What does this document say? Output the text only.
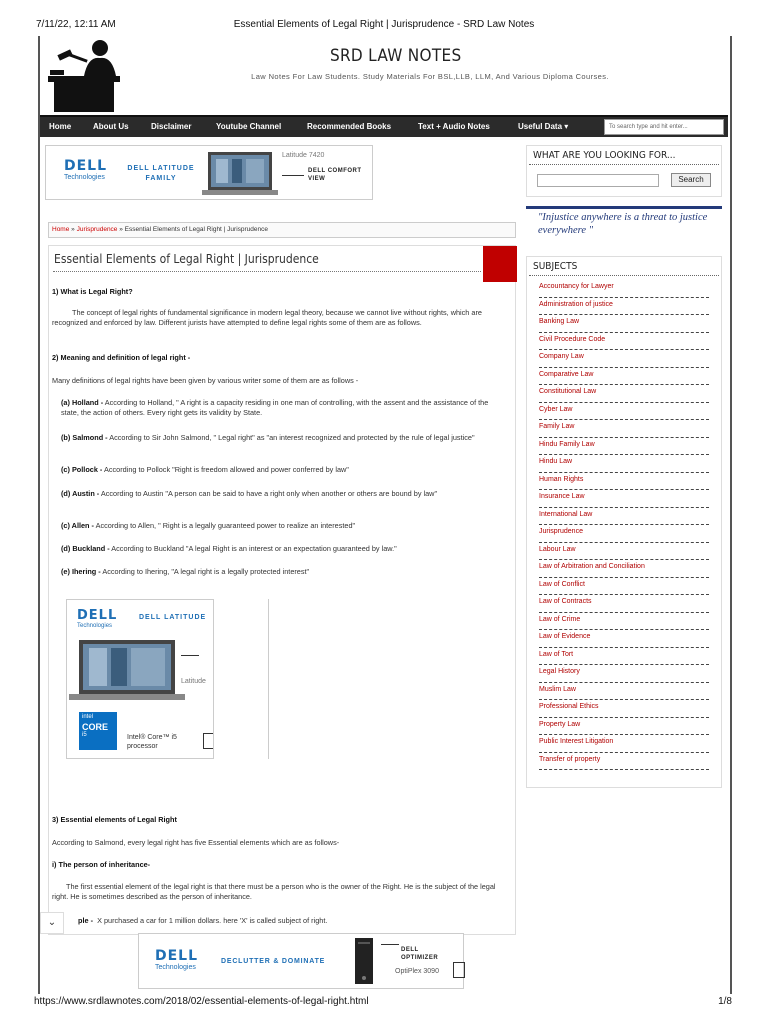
7/11/22, 12:11 AM	Essential Elements of Legal Right | Jurisprudence - SRD Law Notes
SRD LAW NOTES
Law Notes For Law Students. Study Materials For BSL,LLB, LLM, And Various Diploma Courses.
Home	About Us	Disclaimer	Youtube Channel	Recommended Books	Text + Audio Notes	Useful Data ▾	To search type and hit enter...
DELL
Technologies
DELL LATITUDE FAMILY
Latitude 7420
DELL COMFORT VIEW
WHAT ARE YOU LOOKING FOR...
Search
"Injustice anywhere is a threat to justice everywhere "
SUBJECTS
Accountancy for Lawyer
Administration of justice
Banking Law
Civil Procedure Code
Company Law
Comparative Law
Constitutional Law
Cyber Law
Family Law
Hindu Family Law
Hindu Law
Human Rights
Insurance Law
International Law
Jurisprudence
Labour Law
Law of Arbitration and Conciliation
Law of Conflict
Law of Contracts
Law of Crime
Law of Evidence
Law of Tort
Legal History
Muslim Law
Professional Ethics
Property Law
Public Interest Litigation
Transfer of property
Home » Jurisprudence » Essential Elements of Legal Right | Jurisprudence
Essential Elements of Legal Right | Jurisprudence
1) What is Legal Right?
The concept of legal rights of fundamental significance in modern legal theory, because we cannot live without rights, which are recognized and enforced by law. Different jurists have attempted to define legal rights some of them are as follows.
2) Meaning and definition of legal right -
Many definitions of legal rights have been given by various writer some of them are as follows -
(a) Holland - According to Holland, " A right is a capacity residing in one man of controlling, with the assent and the assistance of the state, the action of others. Every right gets its validity by State.
(b) Salmond - According to Sir John Salmond, " Legal right" as "an interest recognized and protected by the rule of legal justice"
(c) Pollock - According to Pollock "Right is freedom allowed and power conferred by law"
(d) Austin - According to Austin "A person can be said to have a right only when another or others are bound by law"
(c) Allen - According to Allen, " Right is a legally guaranteed power to realize an interested"
(d) Buckland - According to Buckland "A legal Right is an interest or an expectation guaranteed by law."
(e) Ihering - According to Ihering, "A legal right is a legally protected interest"
DELL
Technologies
DELL LATITUDE
Latitude
intel
CORE
i5	Intel® Core™ i5 processor
3) Essential elements of Legal Right
According to Salmond, every legal right has five Essential elements which are as follows-
i) The person of inheritance-
The first essential element of the legal right is that there must be a person who is the owner of the Right. He is the subject of the legal right. He is sometimes described as the person of inheritance.
ple - X purchased a car for 1 million dollars. here 'X' is called subject of right.
⌄
DELL
Technologies
DECLUTTER & DOMINATE
DELL OPTIMIZER
OptiPlex 3090
https://www.srdlawnotes.com/2018/02/essential-elements-of-legal-right.html	1/8
